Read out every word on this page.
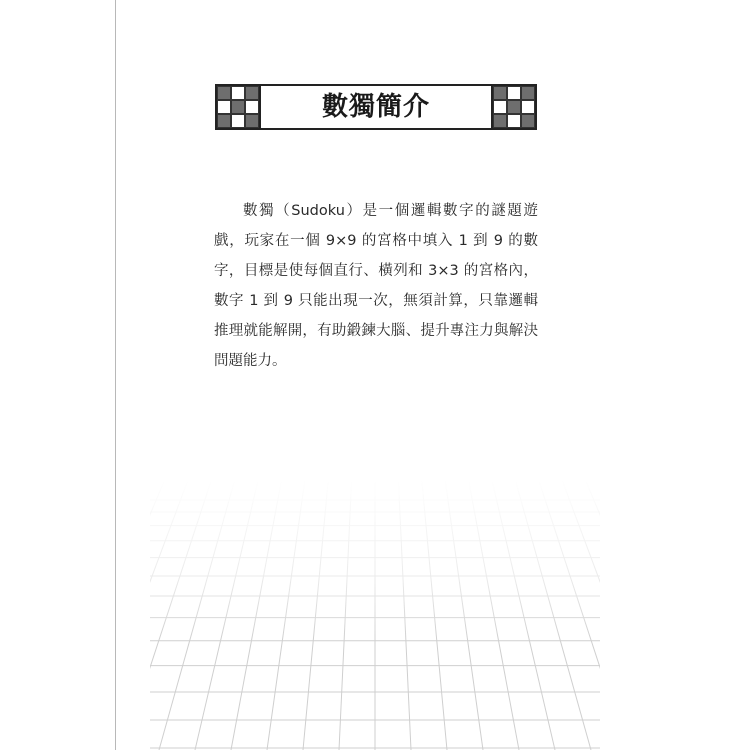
數獨簡介

數獨（Sudoku）是一個邏輯數字的謎題遊戲，玩家在一個 9×9 的宮格中填入 1 到 9 的數字，目標是使每個直行、橫列和 3×3 的宮格內，數字 1 到 9 只能出現一次，無須計算，只靠邏輯推理就能解開，有助鍛鍊大腦、提升專注力與解決問題能力。
